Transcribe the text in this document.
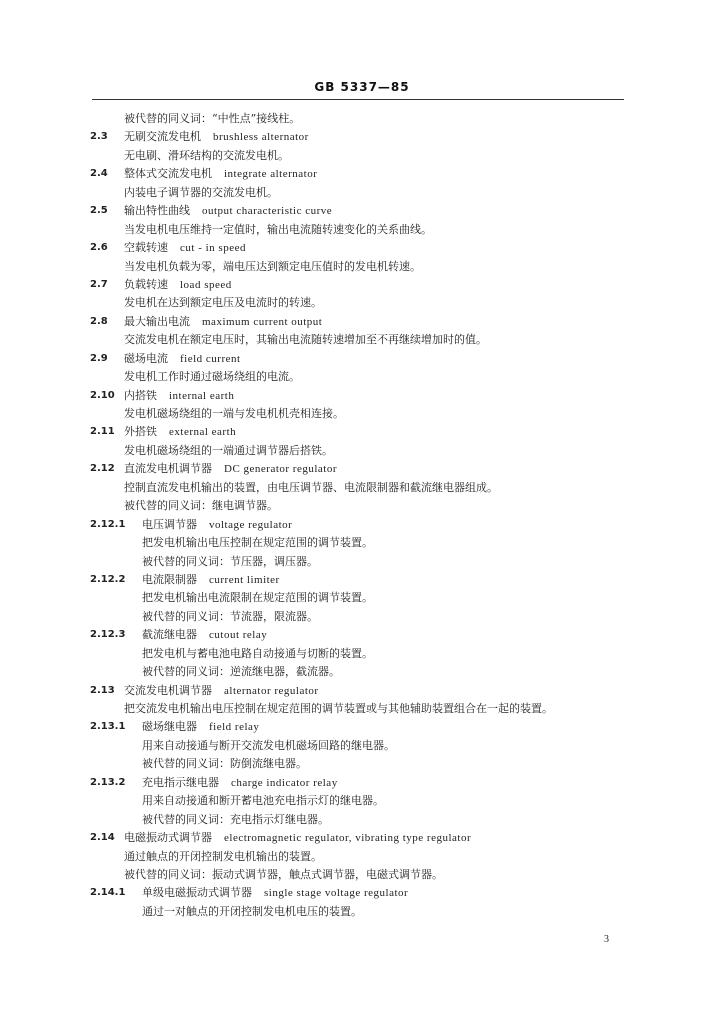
GB 5337—85
被代替的同义词：“中性点”接线柱。
2.3 无刷交流发电机 brushless alternator
无电刷、滑环结构的交流发电机。
2.4 整体式交流发电机 integrate alternator
内装电子调节器的交流发电机。
2.5 输出特性曲线 output characteristic curve
当发电机电压维持一定值时，输出电流随转速变化的关系曲线。
2.6 空载转速 cut - in speed
当发电机负载为零，端电压达到额定电压值时的发电机转速。
2.7 负载转速 load speed
发电机在达到额定电压及电流时的转速。
2.8 最大输出电流 maximum current output
交流发电机在额定电压时，其输出电流随转速增加至不再继续增加时的值。
2.9 磁场电流 field current
发电机工作时通过磁场绕组的电流。
2.10 内搭铁 internal earth
发电机磁场绕组的一端与发电机机壳相连接。
2.11 外搭铁 external earth
发电机磁场绕组的一端通过调节器后搭铁。
2.12 直流发电机调节器 DC generator regulator
控制直流发电机输出的装置，由电压调节器、电流限制器和截流继电器组成。
被代替的同义词：继电调节器。
2.12.1 电压调节器 voltage regulator
把发电机输出电压控制在规定范围的调节装置。
被代替的同义词：节压器，调压器。
2.12.2 电流限制器 current limiter
把发电机输出电流限制在规定范围的调节装置。
被代替的同义词：节流器，限流器。
2.12.3 截流继电器 cutout relay
把发电机与蓄电池电路自动接通与切断的装置。
被代替的同义词：逆流继电器，截流器。
2.13 交流发电机调节器 alternator regulator
把交流发电机输出电压控制在规定范围的调节装置或与其他辅助装置组合在一起的装置。
2.13.1 磁场继电器 field relay
用来自动接通与断开交流发电机磁场回路的继电器。
被代替的同义词：防倒流继电器。
2.13.2 充电指示继电器 charge indicator relay
用来自动接通和断开蓄电池充电指示灯的继电器。
被代替的同义词：充电指示灯继电器。
2.14 电磁振动式调节器 electromagnetic regulator, vibrating type regulator
通过触点的开闭控制发电机输出的装置。
被代替的同义词：振动式调节器，触点式调节器，电磁式调节器。
2.14.1 单级电磁振动式调节器 single stage voltage regulator
通过一对触点的开闭控制发电机电压的装置。
3
